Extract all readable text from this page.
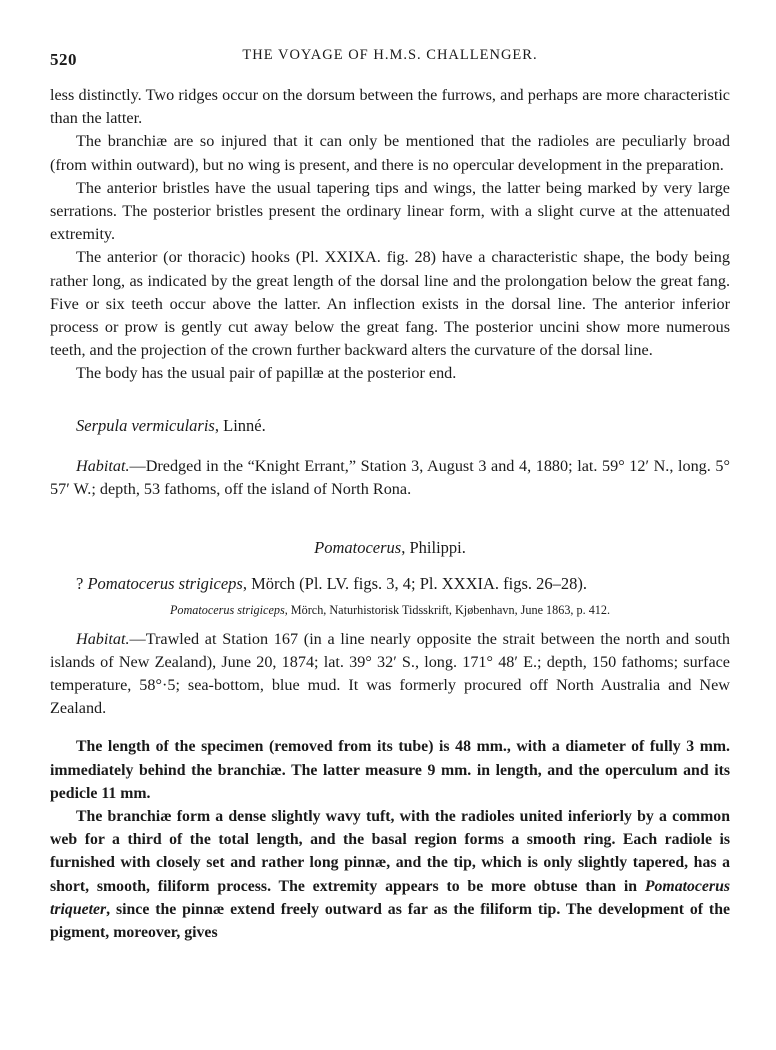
520	THE VOYAGE OF H.M.S. CHALLENGER.

less distinctly. Two ridges occur on the dorsum between the furrows, and perhaps are more characteristic than the latter.

The branchiæ are so injured that it can only be mentioned that the radioles are peculiarly broad (from within outward), but no wing is present, and there is no opercular development in the preparation.

The anterior bristles have the usual tapering tips and wings, the latter being marked by very large serrations. The posterior bristles present the ordinary linear form, with a slight curve at the attenuated extremity.

The anterior (or thoracic) hooks (Pl. XXIXA. fig. 28) have a characteristic shape, the body being rather long, as indicated by the great length of the dorsal line and the prolongation below the great fang. Five or six teeth occur above the latter. An inflection exists in the dorsal line. The anterior inferior process or prow is gently cut away below the great fang. The posterior uncini show more numerous teeth, and the projection of the crown further backward alters the curvature of the dorsal line.

The body has the usual pair of papillæ at the posterior end.

Serpula vermicularis, Linné.

Habitat.—Dredged in the “Knight Errant,” Station 3, August 3 and 4, 1880; lat. 59° 12′ N., long. 5° 57′ W.; depth, 53 fathoms, off the island of North Rona.

Pomatocerus, Philippi.

? Pomatocerus strigiceps, Mörch (Pl. LV. figs. 3, 4; Pl. XXXIA. figs. 26–28).

Pomatocerus strigiceps, Mörch, Naturhistorisk Tidsskrift, Kjøbenhavn, June 1863, p. 412.

Habitat.—Trawled at Station 167 (in a line nearly opposite the strait between the north and south islands of New Zealand), June 20, 1874; lat. 39° 32′ S., long. 171° 48′ E.; depth, 150 fathoms; surface temperature, 58°·5; sea-bottom, blue mud. It was formerly procured off North Australia and New Zealand.

The length of the specimen (removed from its tube) is 48 mm., with a diameter of fully 3 mm. immediately behind the branchiæ. The latter measure 9 mm. in length, and the operculum and its pedicle 11 mm.

The branchiæ form a dense slightly wavy tuft, with the radioles united inferiorly by a common web for a third of the total length, and the basal region forms a smooth ring. Each radiole is furnished with closely set and rather long pinnæ, and the tip, which is only slightly tapered, has a short, smooth, filiform process. The extremity appears to be more obtuse than in Pomatocerus triqueter, since the pinnæ extend freely outward as far as the filiform tip. The development of the pigment, moreover, gives
